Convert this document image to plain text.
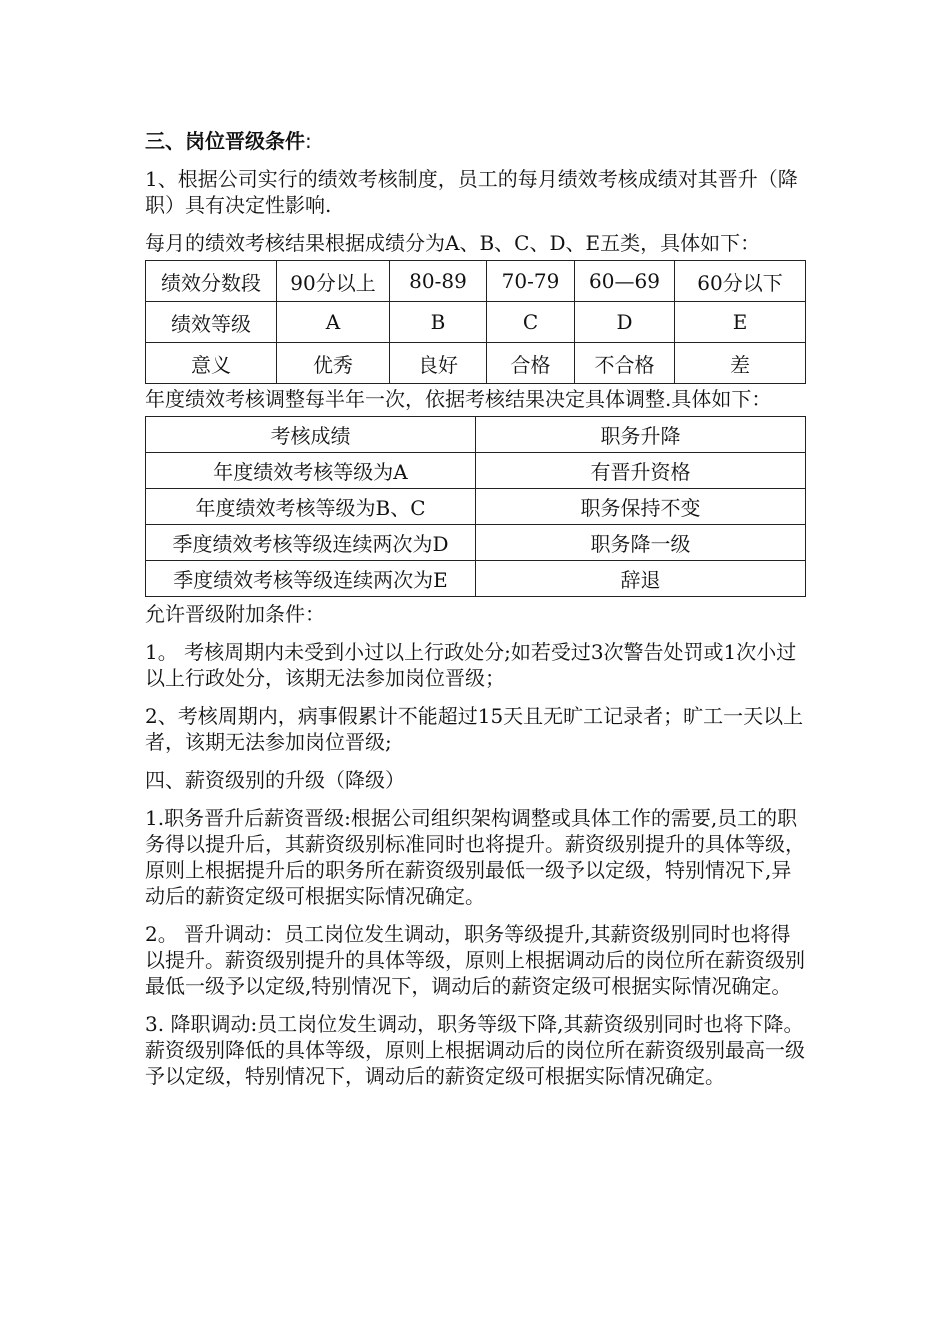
三、岗位晋级条件:

1、根据公司实行的绩效考核制度，员工的每月绩效考核成绩对其晋升（降职）具有决定性影响.

每月的绩效考核结果根据成绩分为A、B、C、D、E五类，具体如下：

绩效分数段	90分以上	80-89	70-79	60—69	60分以下
绩效等级	A	B	C	D	E
意义	优秀	良好	合格	不合格	差

年度绩效考核调整每半年一次，依据考核结果决定具体调整.具体如下：

考核成绩	职务升降
年度绩效考核等级为A	有晋升资格
年度绩效考核等级为B、C	职务保持不变
季度绩效考核等级连续两次为D	职务降一级
季度绩效考核等级连续两次为E	辞退

允许晋级附加条件：

1。 考核周期内未受到小过以上行政处分;如若受过3次警告处罚或1次小过以上行政处分，该期无法参加岗位晋级；

2、考核周期内，病事假累计不能超过15天且无旷工记录者；旷工一天以上者，该期无法参加岗位晋级;

四、薪资级别的升级（降级）

1.职务晋升后薪资晋级:根据公司组织架构调整或具体工作的需要,员工的职务得以提升后，其薪资级别标准同时也将提升。薪资级别提升的具体等级，原则上根据提升后的职务所在薪资级别最低一级予以定级，特别情况下,异动后的薪资定级可根据实际情况确定。

2。 晋升调动：员工岗位发生调动，职务等级提升,其薪资级别同时也将得以提升。薪资级别提升的具体等级，原则上根据调动后的岗位所在薪资级别最低一级予以定级,特别情况下，调动后的薪资定级可根据实际情况确定。

3. 降职调动:员工岗位发生调动，职务等级下降,其薪资级别同时也将下降。薪资级别降低的具体等级，原则上根据调动后的岗位所在薪资级别最高一级予以定级，特别情况下，调动后的薪资定级可根据实际情况确定。
